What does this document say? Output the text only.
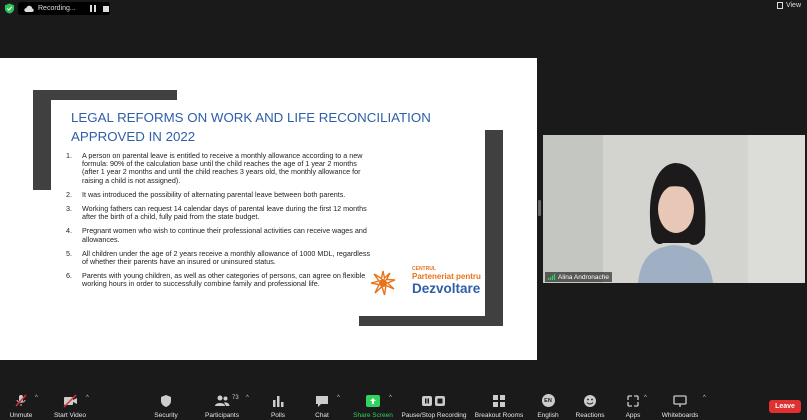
Recording...	View
LEGAL REFORMS ON WORK AND LIFE RECONCILIATION APPROVED IN 2022
1. A person on parental leave is entitled to receive a monthly allowance according to a new formula: 90% of the calculation base until the child reaches the age of 1 year 2 months (after 1 year 2 months and until the child reaches 3 years old, the monthly allowance for raising a child is not assigned).
2. It was introduced the possibility of alternating parental leave between both parents.
3. Working fathers can request 14 calendar days of parental leave during the first 12 months after the birth of a child, fully paid from the state budget.
4. Pregnant women who wish to continue their professional activities can receive wages and allowances.
5. All children under the age of 2 years receive a monthly allowance of 1000 MDL, regardless of whether their parents have an insured or uninsured status.
6. Parents with young children, as well as other categories of persons, can agree on flexible working hours in order to successfully combine family and professional life.
CENTRUL
Parteneriat pentru
Dezvoltare
Alina Andronache
Unmute
^
Start Video
^
Security	Participants
73 ^
Polls	Chat
^
Share Screen
^
Pause/Stop Recording Breakout Rooms
EN
English	Reactions	Apps
^
Whiteboards
^
Leave
